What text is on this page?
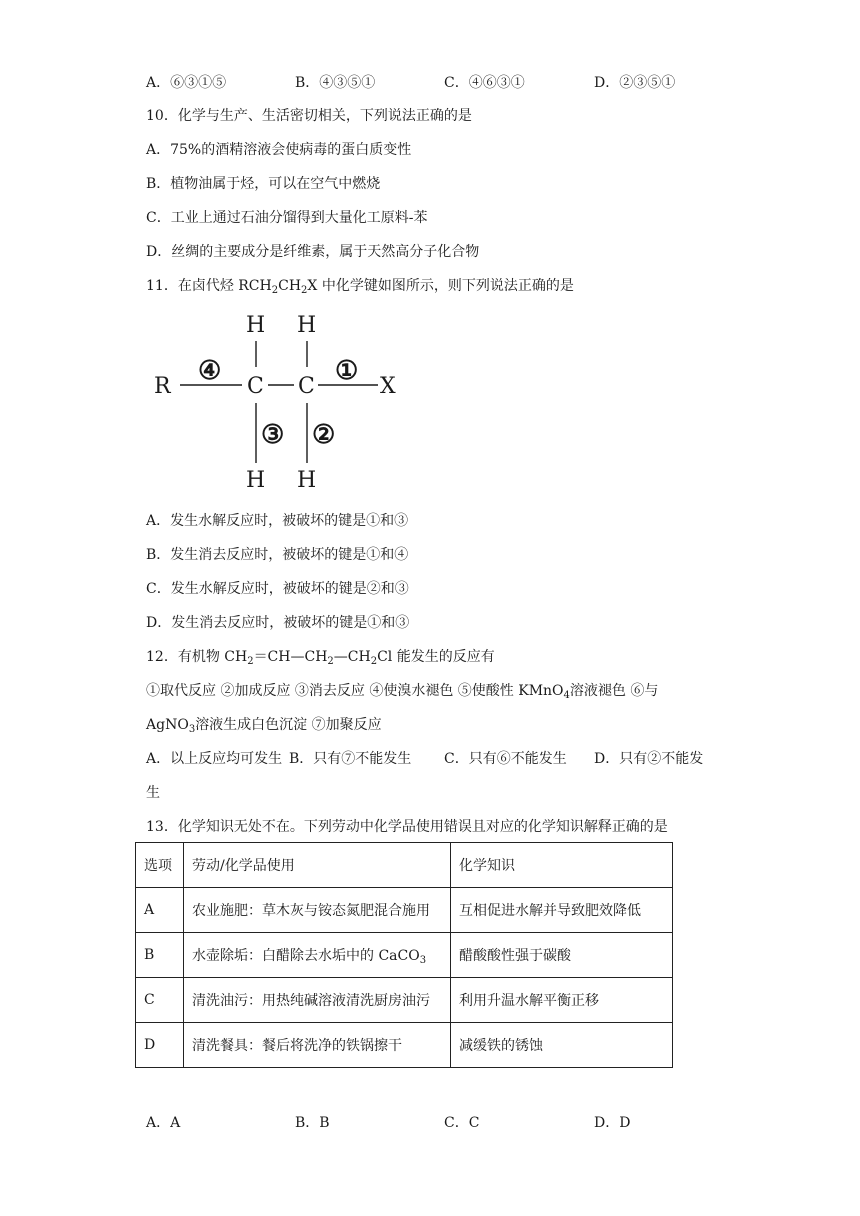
A．⑥③①⑤	B．④③⑤①	C．④⑥③①	D．②③⑤①
10．化学与生产、生活密切相关，下列说法正确的是
A．75%的酒精溶液会使病毒的蛋白质变性
B．植物油属于烃，可以在空气中燃烧
C．工业上通过石油分馏得到大量化工原料-苯
D．丝绸的主要成分是纤维素，属于天然高分子化合物
11．在卤代烃 $RCH_2CH_2X$ 中化学键如图所示，则下列说法正确的是
R	C C	X
H H
H H
④	①
③ ②
A．发生水解反应时，被破坏的键是①和③
B．发生消去反应时，被破坏的键是①和④
C．发生水解反应时，被破坏的键是②和③
D．发生消去反应时，被破坏的键是①和③
12．有机物 $CH_2=CH—CH_2—CH_2Cl$ 能发生的反应有
①取代反应 ②加成反应 ③消去反应 ④使溴水褪色 ⑤使酸性 KMnO$_4$溶液褪色 ⑥与
AgNO$_3$溶液生成白色沉淀 ⑦加聚反应
A．以上反应均可发生 B．只有⑦不能发生 C．只有⑥不能发生 D．只有②不能发
生
13．化学知识无处不在。下列劳动中化学品使用错误且对应的化学知识解释正确的是
选项	劳动/化学品使用	化学知识
A	农业施肥：草木灰与铵态氮肥混合施用	互相促进水解并导致肥效降低
B	水壶除垢：白醋除去水垢中的 CaCO$_3$	醋酸酸性强于碳酸
C	清洗油污：用热纯碱溶液清洗厨房油污	利用升温水解平衡正移
D	清洗餐具：餐后将洗净的铁锅擦干	减缓铁的锈蚀
A．A	B．B	C．C	D．D
